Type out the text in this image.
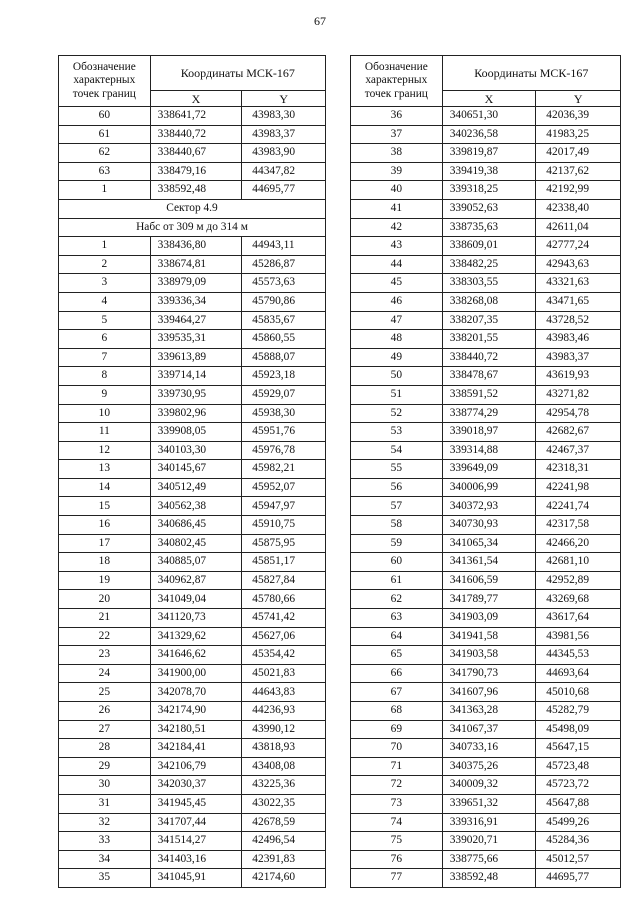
67
Обозначение характерных точек границ	Координаты МСК-167	
	X	Y
60	338641,72	43983,30
61	338440,72	43983,37
62	338440,67	43983,90
63	338479,16	44347,82
1	338592,48	44695,77
Сектор 4.9		
Набс от 309 м до 314 м		
1	338436,80	44943,11
2	338674,81	45286,87
3	338979,09	45573,63
4	339336,34	45790,86
5	339464,27	45835,67
6	339535,31	45860,55
7	339613,89	45888,07
8	339714,14	45923,18
9	339730,95	45929,07
10	339802,96	45938,30
11	339908,05	45951,76
12	340103,30	45976,78
13	340145,67	45982,21
14	340512,49	45952,07
15	340562,38	45947,97
16	340686,45	45910,75
17	340802,45	45875,95
18	340885,07	45851,17
19	340962,87	45827,84
20	341049,04	45780,66
21	341120,73	45741,42
22	341329,62	45627,06
23	341646,62	45354,42
24	341900,00	45021,83
25	342078,70	44643,83
26	342174,90	44236,93
27	342180,51	43990,12
28	342184,41	43818,93
29	342106,79	43408,08
30	342030,37	43225,36
31	341945,45	43022,35
32	341707,44	42678,59
33	341514,27	42496,54
34	341403,16	42391,83
35	341045,91	42174,60
Обозначение характерных точек границ	Координаты МСК-167	
	X	Y
36	340651,30	42036,39
37	340236,58	41983,25
38	339819,87	42017,49
39	339419,38	42137,62
40	339318,25	42192,99
41	339052,63	42338,40
42	338735,63	42611,04
43	338609,01	42777,24
44	338482,25	42943,63
45	338303,55	43321,63
46	338268,08	43471,65
47	338207,35	43728,52
48	338201,55	43983,46
49	338440,72	43983,37
50	338478,67	43619,93
51	338591,52	43271,82
52	338774,29	42954,78
53	339018,97	42682,67
54	339314,88	42467,37
55	339649,09	42318,31
56	340006,99	42241,98
57	340372,93	42241,74
58	340730,93	42317,58
59	341065,34	42466,20
60	341361,54	42681,10
61	341606,59	42952,89
62	341789,77	43269,68
63	341903,09	43617,64
64	341941,58	43981,56
65	341903,58	44345,53
66	341790,73	44693,64
67	341607,96	45010,68
68	341363,28	45282,79
69	341067,37	45498,09
70	340733,16	45647,15
71	340375,26	45723,48
72	340009,32	45723,72
73	339651,32	45647,88
74	339316,91	45499,26
75	339020,71	45284,36
76	338775,66	45012,57
77	338592,48	44695,77
